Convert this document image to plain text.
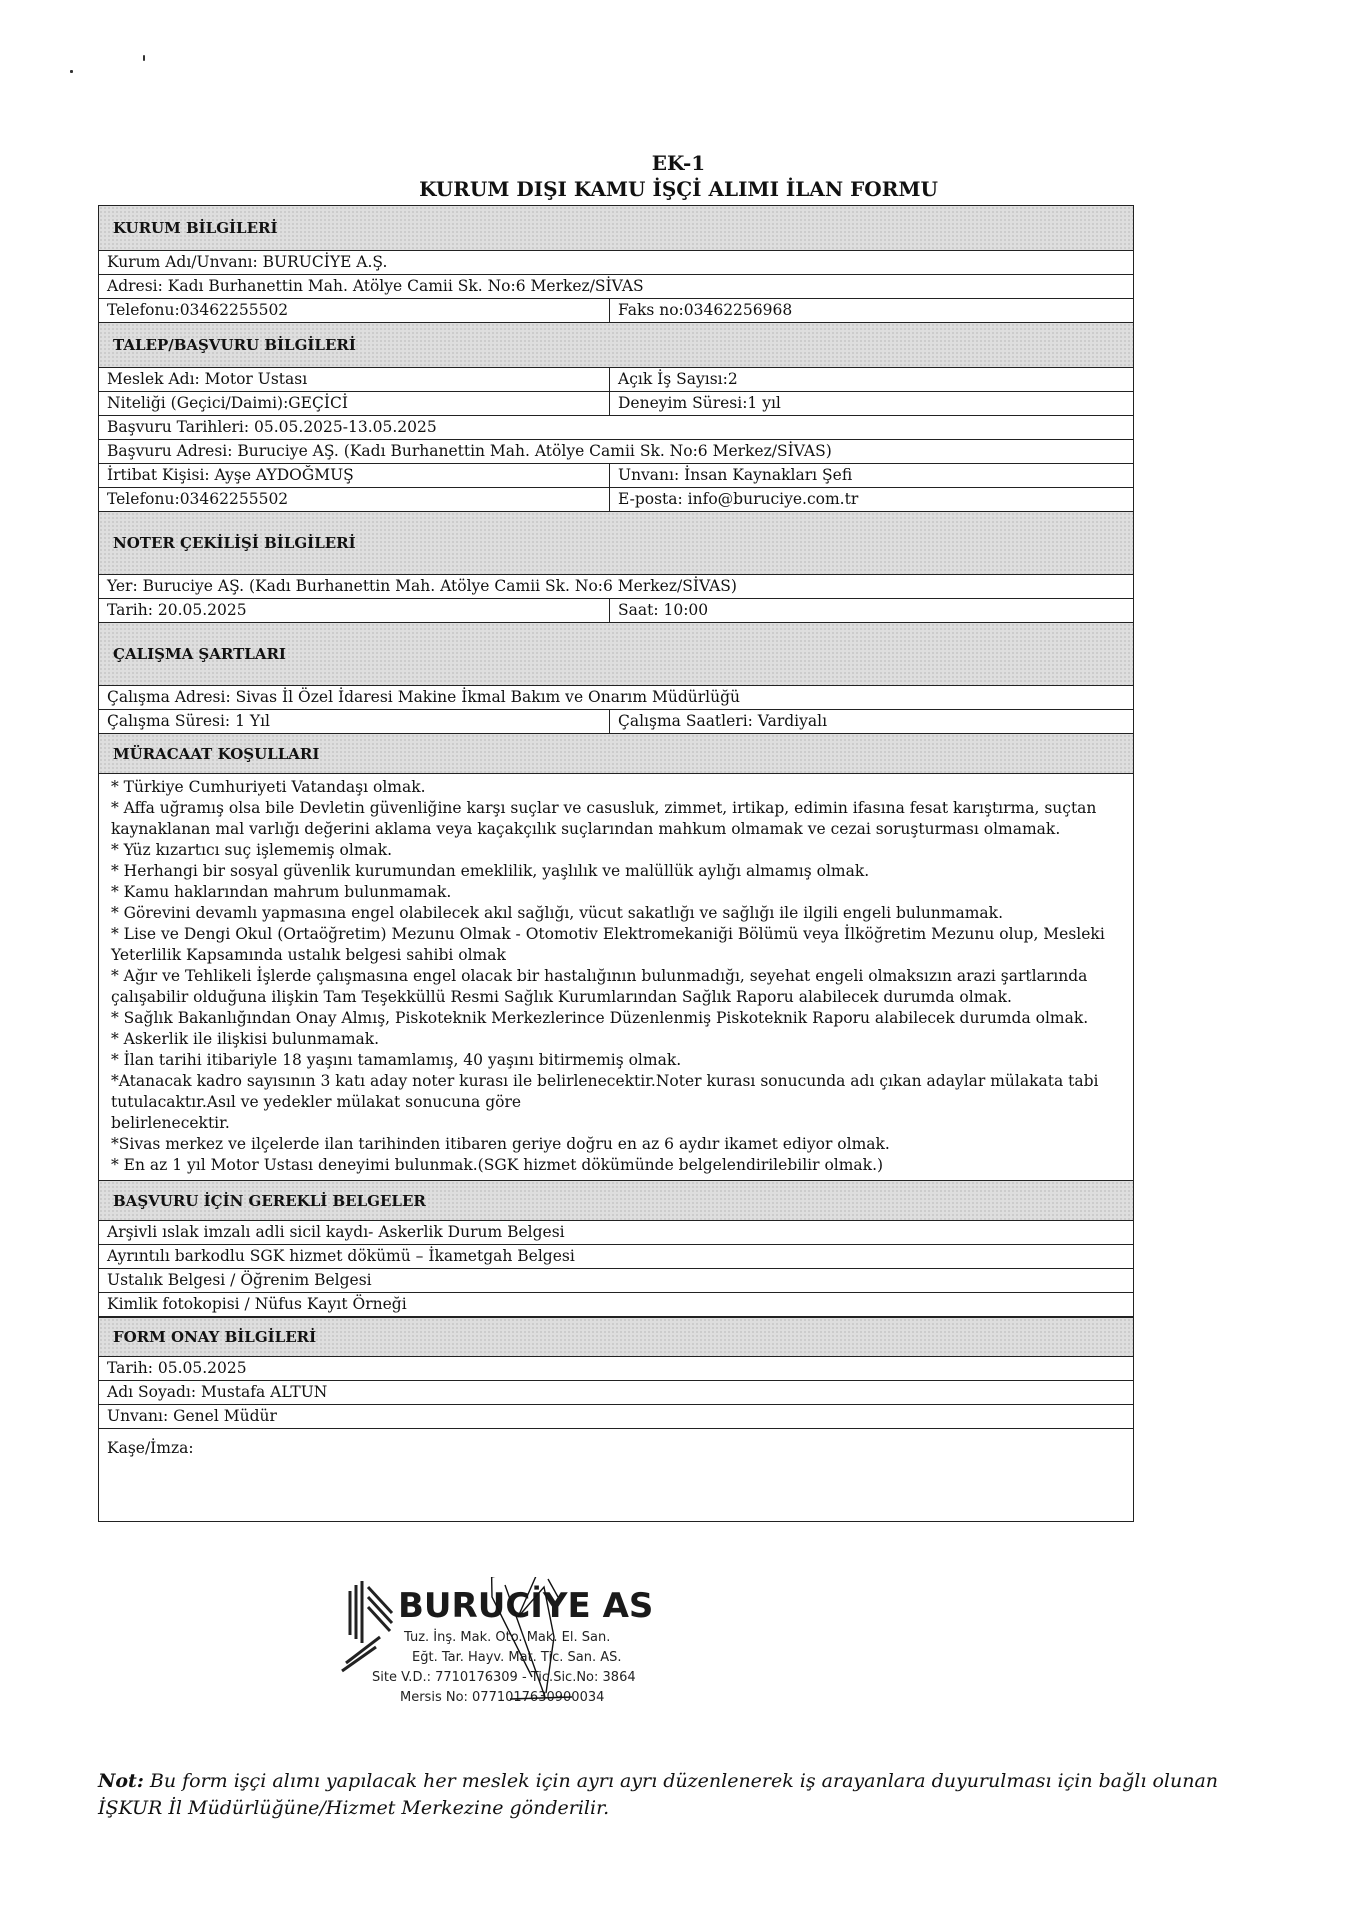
EK-1
KURUM DIŞI KAMU İŞÇİ ALIMI İLAN FORMU
KURUM BİLGİLERİ
Kurum Adı/Unvanı: BURUCİYE A.Ş.
Adresi: Kadı Burhanettin Mah. Atölye Camii Sk. No:6 Merkez/SİVAS
Telefonu:03462255502	Faks no:03462256968
TALEP/BAŞVURU BİLGİLERİ
Meslek Adı: Motor Ustası	Açık İş Sayısı:2
Niteliği (Geçici/Daimi):GEÇİCİ	Deneyim Süresi:1 yıl
Başvuru Tarihleri: 05.05.2025-13.05.2025
Başvuru Adresi: Buruciye AŞ. (Kadı Burhanettin Mah. Atölye Camii Sk. No:6 Merkez/SİVAS)
İrtibat Kişisi: Ayşe AYDOĞMUŞ	Unvanı: İnsan Kaynakları Şefi
Telefonu:03462255502	E-posta: info@buruciye.com.tr
NOTER ÇEKİLİŞİ BİLGİLERİ
Yer: Buruciye AŞ. (Kadı Burhanettin Mah. Atölye Camii Sk. No:6 Merkez/SİVAS)
Tarih: 20.05.2025	Saat: 10:00
ÇALIŞMA ŞARTLARI
Çalışma Adresi: Sivas İl Özel İdaresi Makine İkmal Bakım ve Onarım Müdürlüğü
Çalışma Süresi: 1 Yıl	Çalışma Saatleri: Vardiyalı
MÜRACAAT KOŞULLARI

* Türkiye Cumhuriyeti Vatandaşı olmak.

* Affa uğramış olsa bile Devletin güvenliğine karşı suçlar ve casusluk, zimmet, irtikap, edimin ifasına fesat karıştırma, suçtan kaynaklanan mal varlığı değerini aklama veya kaçakçılık suçlarından mahkum olmamak ve cezai soruşturması olmamak.

* Yüz kızartıcı suç işlememiş olmak.

* Herhangi bir sosyal güvenlik kurumundan emeklilik, yaşlılık ve malüllük aylığı almamış olmak.

* Kamu haklarından mahrum bulunmamak.

* Görevini devamlı yapmasına engel olabilecek akıl sağlığı, vücut sakatlığı ve sağlığı ile ilgili engeli bulunmamak.

* Lise ve Dengi Okul (Ortaöğretim) Mezunu Olmak - Otomotiv Elektromekaniği Bölümü veya İlköğretim Mezunu olup, Mesleki Yeterlilik Kapsamında ustalık belgesi sahibi olmak

* Ağır ve Tehlikeli İşlerde çalışmasına engel olacak bir hastalığının bulunmadığı, seyehat engeli olmaksızın arazi şartlarında çalışabilir olduğuna ilişkin Tam Teşekküllü Resmi Sağlık Kurumlarından Sağlık Raporu alabilecek durumda olmak.

* Sağlık Bakanlığından Onay Almış, Piskoteknik Merkezlerince Düzenlenmiş Piskoteknik Raporu alabilecek durumda olmak.

* Askerlik ile ilişkisi bulunmamak.

* İlan tarihi itibariyle 18 yaşını tamamlamış, 40 yaşını bitirmemiş olmak.

*Atanacak kadro sayısının 3 katı aday noter kurası ile belirlenecektir.Noter kurası sonucunda adı çıkan adaylar mülakata tabi tutulacaktır.Asıl ve yedekler mülakat sonucuna göre

belirlenecektir.

*Sivas merkez ve ilçelerde ilan tarihinden itibaren geriye doğru en az 6 aydır ikamet ediyor olmak.

* En az 1 yıl Motor Ustası deneyimi bulunmak.(SGK hizmet dökümünde belgelendirilebilir olmak.)

BAŞVURU İÇİN GEREKLİ BELGELER
Arşivli ıslak imzalı adli sicil kaydı- Askerlik Durum Belgesi
Ayrıntılı barkodlu SGK hizmet dökümü – İkametgah Belgesi
Ustalık Belgesi / Öğrenim Belgesi
Kimlik fotokopisi / Nüfus Kayıt Örneği
FORM ONAY BİLGİLERİ
Tarih: 05.05.2025
Adı Soyadı: Mustafa ALTUN
Unvanı: Genel Müdür
Kaşe/İmza:
BURUCİYE AS
Tuz. İnş. Mak. Oto. Mak. El. San.
Eğt. Tar. Hayv. Mat. Tic. San. AS.
Site V.D.: 7710176309 - Tic.Sic.No: 3864
Mersis No: 0771017630900034
Not: Bu form işçi alımı yapılacak her meslek için ayrı ayrı düzenlenerek iş arayanlara duyurulması için bağlı olunan İŞKUR İl Müdürlüğüne/Hizmet Merkezine gönderilir.
